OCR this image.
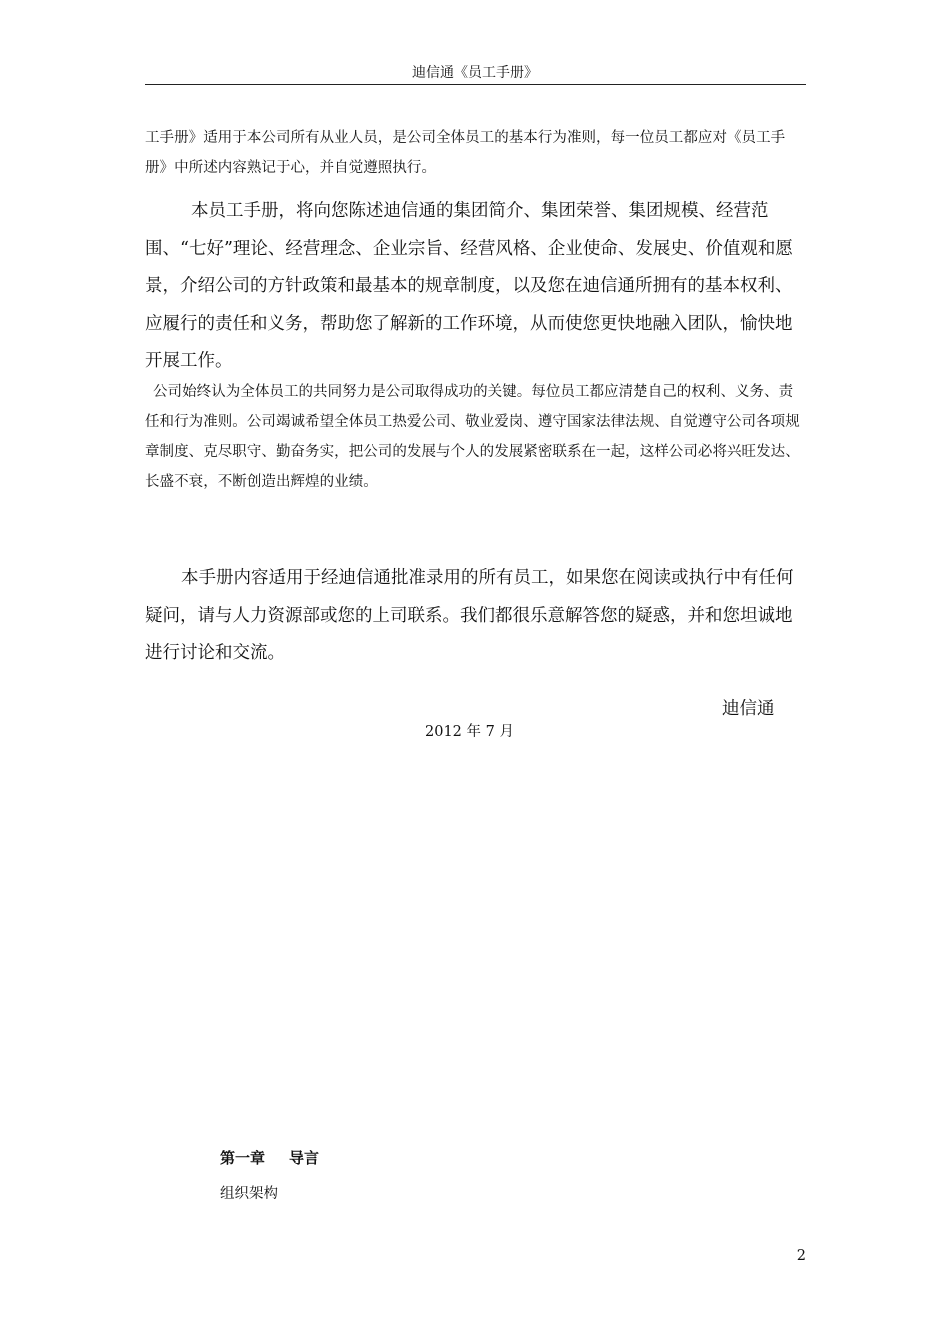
迪信通《员工手册》

工手册》适用于本公司所有从业人员，是公司全体员工的基本行为准则，每一位员工都应对《员工手册》中所述内容熟记于心，并自觉遵照执行。

本员工手册，将向您陈述迪信通的集团简介、集团荣誉、集团规模、经营范围、“七好”理论、经营理念、企业宗旨、经营风格、企业使命、发展史、价值观和愿景，介绍公司的方针政策和最基本的规章制度，以及您在迪信通所拥有的基本权利、应履行的责任和义务，帮助您了解新的工作环境，从而使您更快地融入团队，愉快地开展工作。

公司始终认为全体员工的共同努力是公司取得成功的关键。每位员工都应清楚自己的权利、义务、责任和行为准则。公司竭诚希望全体员工热爱公司、敬业爱岗、遵守国家法律法规、自觉遵守公司各项规章制度、克尽职守、勤奋务实，把公司的发展与个人的发展紧密联系在一起，这样公司必将兴旺发达、长盛不衰，不断创造出辉煌的业绩。

本手册内容适用于经迪信通批准录用的所有员工，如果您在阅读或执行中有任何疑问，请与人力资源部或您的上司联系。我们都很乐意解答您的疑惑，并和您坦诚地进行讨论和交流。

迪信通
2012 年 7 月
第一章 导言
组织架构
2
